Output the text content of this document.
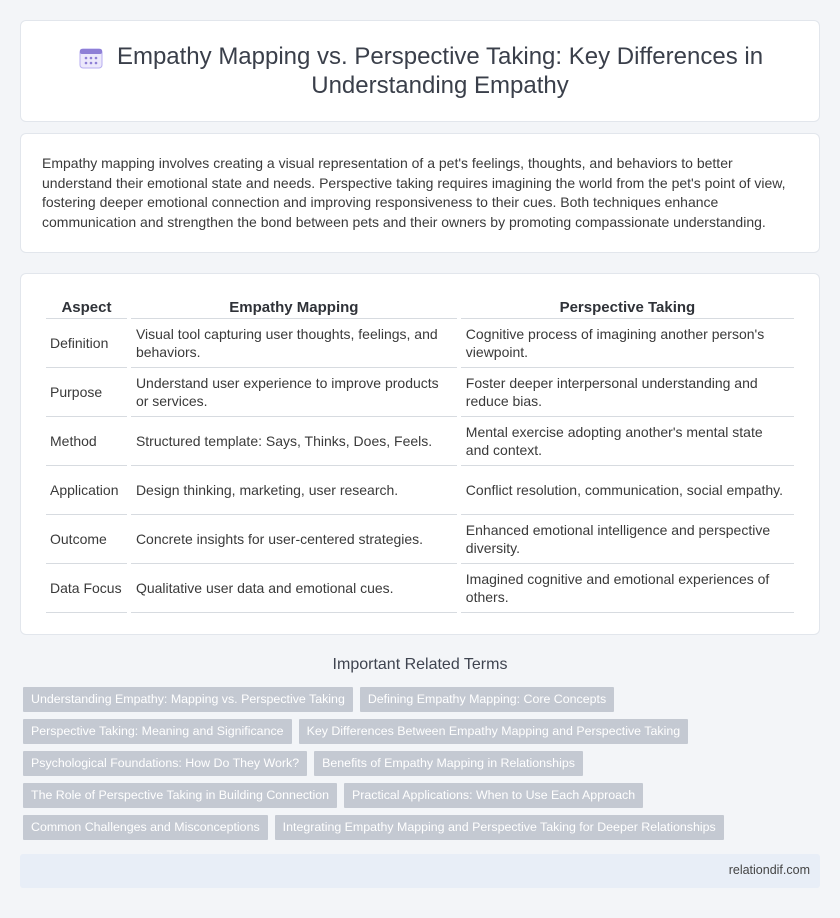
Empathy Mapping vs. Perspective Taking: Key Differences in Understanding Empathy

Empathy mapping involves creating a visual representation of a pet's feelings, thoughts, and behaviors to better understand their emotional state and needs. Perspective taking requires imagining the world from the pet's point of view, fostering deeper emotional connection and improving responsiveness to their cues. Both techniques enhance communication and strengthen the bond between pets and their owners by promoting compassionate understanding.

Aspect	Empathy Mapping	Perspective Taking
Definition	Visual tool capturing user thoughts, feelings, and behaviors.	Cognitive process of imagining another person's viewpoint.
Purpose	Understand user experience to improve products or services.	Foster deeper interpersonal understanding and reduce bias.
Method	Structured template: Says, Thinks, Does, Feels.	Mental exercise adopting another's mental state and context.
Application	Design thinking, marketing, user research.	Conflict resolution, communication, social empathy.
Outcome	Concrete insights for user-centered strategies.	Enhanced emotional intelligence and perspective diversity.
Data Focus	Qualitative user data and emotional cues.	Imagined cognitive and emotional experiences of others.
Important Related Terms
Understanding Empathy: Mapping vs. Perspective Taking	Defining Empathy Mapping: Core Concepts
Perspective Taking: Meaning and Significance	Key Differences Between Empathy Mapping and Perspective Taking
Psychological Foundations: How Do They Work?	Benefits of Empathy Mapping in Relationships
The Role of Perspective Taking in Building Connection	Practical Applications: When to Use Each Approach
Common Challenges and Misconceptions	Integrating Empathy Mapping and Perspective Taking for Deeper Relationships
relationdif.com
